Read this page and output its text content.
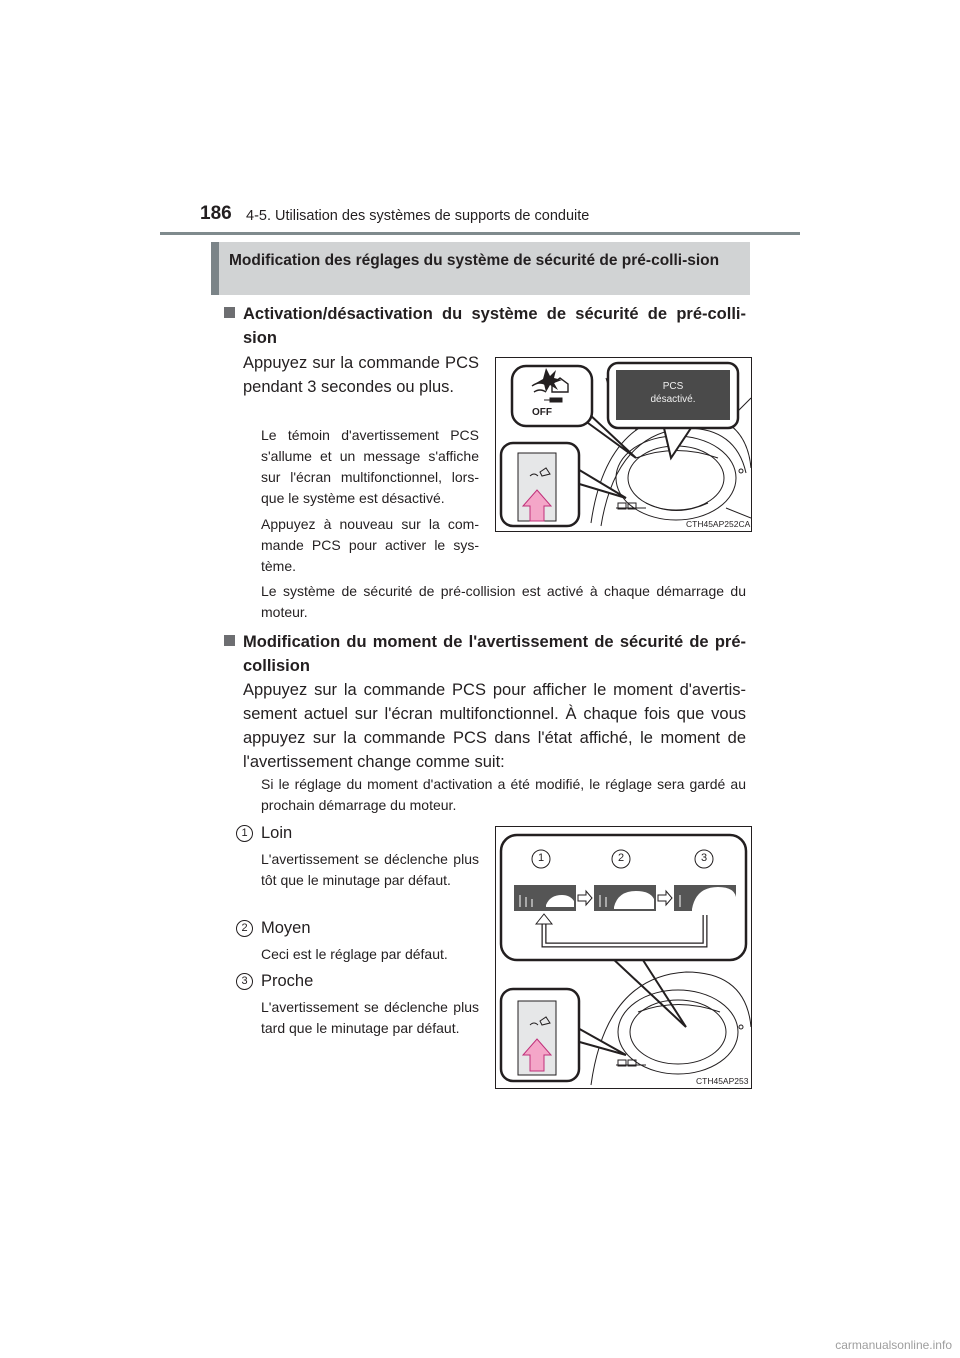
186 4-5. Utilisation des systèmes de supports de conduite
Modification des réglages du système de sécurité de pré-colli-sion
Activation/désactivation du système de sécurité de pré-colli-sion
Appuyez sur la commande PCS pendant 3 secondes ou plus.
Le témoin d'avertissement PCS s'allume et un message s'affiche sur l'écran multifonctionnel, lors-que le système est désactivé.
Appuyez à nouveau sur la com-mande PCS pour activer le sys-tème.
Le système de sécurité de pré-collision est activé à chaque démarrage du moteur.
PCS
désactivé.
OFF
CTH45AP252CA
Modification du moment de l'avertissement de sécurité de pré-collision
Appuyez sur la commande PCS pour afficher le moment d'avertis-sement actuel sur l'écran multifonctionnel. À chaque fois que vous appuyez sur la commande PCS dans l'état affiché, le moment de l'avertissement change comme suit:
Si le réglage du moment d'activation a été modifié, le réglage sera gardé au prochain démarrage du moteur.
1 Loin
L'avertissement se déclenche plus tôt que le minutage par défaut.
2 Moyen
Ceci est le réglage par défaut.
3 Proche
L'avertissement se déclenche plus tard que le minutage par défaut.
1	2	3
CTH45AP253
carmanualsonline.info
